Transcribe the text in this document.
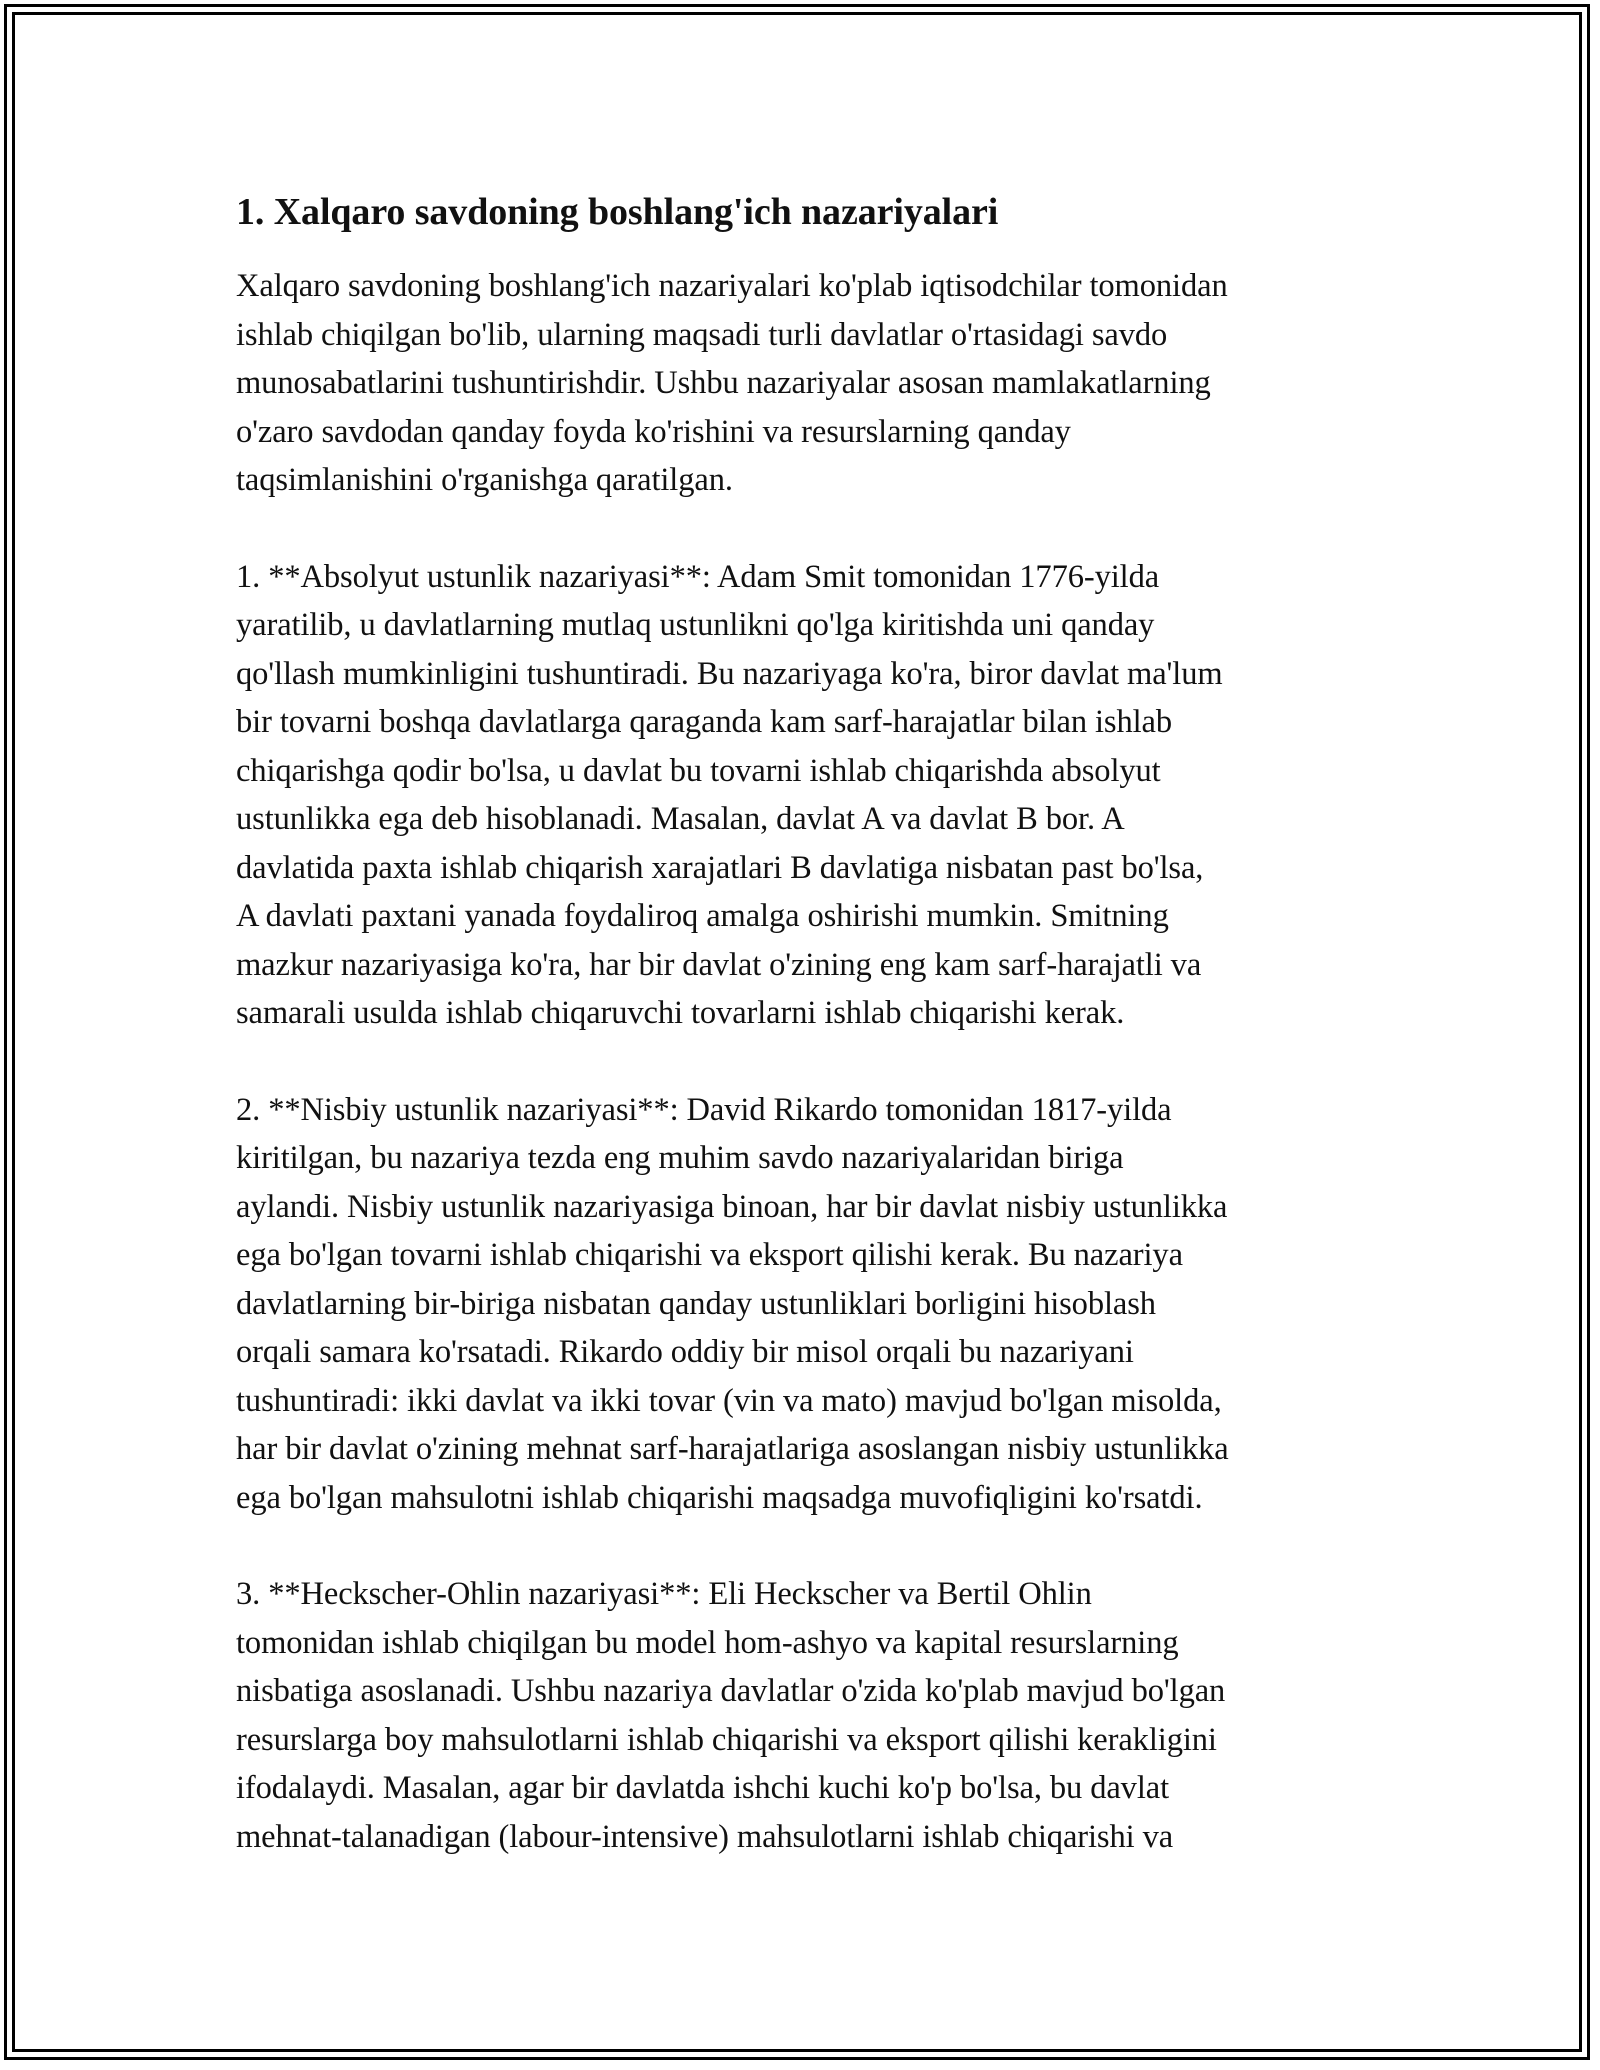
1. Xalqaro savdoning boshlang'ich nazariyalari

Xalqaro savdoning boshlang'ich nazariyalari ko'plab iqtisodchilar tomonidan
ishlab chiqilgan bo'lib, ularning maqsadi turli davlatlar o'rtasidagi savdo
munosabatlarini tushuntirishdir. Ushbu nazariyalar asosan mamlakatlarning
o'zaro savdodan qanday foyda ko'rishini va resurslarning qanday
taqsimlanishini o'rganishga qaratilgan.

1. **Absolyut ustunlik nazariyasi**: Adam Smit tomonidan 1776-yilda
yaratilib, u davlatlarning mutlaq ustunlikni qo'lga kiritishda uni qanday
qo'llash mumkinligini tushuntiradi. Bu nazariyaga ko'ra, biror davlat ma'lum
bir tovarni boshqa davlatlarga qaraganda kam sarf-harajatlar bilan ishlab
chiqarishga qodir bo'lsa, u davlat bu tovarni ishlab chiqarishda absolyut
ustunlikka ega deb hisoblanadi. Masalan, davlat A va davlat B bor. A
davlatida paxta ishlab chiqarish xarajatlari B davlatiga nisbatan past bo'lsa,
A davlati paxtani yanada foydaliroq amalga oshirishi mumkin. Smitning
mazkur nazariyasiga ko'ra, har bir davlat o'zining eng kam sarf-harajatli va
samarali usulda ishlab chiqaruvchi tovarlarni ishlab chiqarishi kerak.

2. **Nisbiy ustunlik nazariyasi**: David Rikardo tomonidan 1817-yilda
kiritilgan, bu nazariya tezda eng muhim savdo nazariyalaridan biriga
aylandi. Nisbiy ustunlik nazariyasiga binoan, har bir davlat nisbiy ustunlikka
ega bo'lgan tovarni ishlab chiqarishi va eksport qilishi kerak. Bu nazariya
davlatlarning bir-biriga nisbatan qanday ustunliklari borligini hisoblash
orqali samara ko'rsatadi. Rikardo oddiy bir misol orqali bu nazariyani
tushuntiradi: ikki davlat va ikki tovar (vin va mato) mavjud bo'lgan misolda,
har bir davlat o'zining mehnat sarf-harajatlariga asoslangan nisbiy ustunlikka
ega bo'lgan mahsulotni ishlab chiqarishi maqsadga muvofiqligini ko'rsatdi.

3. **Heckscher-Ohlin nazariyasi**: Eli Heckscher va Bertil Ohlin
tomonidan ishlab chiqilgan bu model hom-ashyo va kapital resurslarning
nisbatiga asoslanadi. Ushbu nazariya davlatlar o'zida ko'plab mavjud bo'lgan
resurslarga boy mahsulotlarni ishlab chiqarishi va eksport qilishi kerakligini
ifodalaydi. Masalan, agar bir davlatda ishchi kuchi ko'p bo'lsa, bu davlat
mehnat-talanadigan (labour-intensive) mahsulotlarni ishlab chiqarishi va
